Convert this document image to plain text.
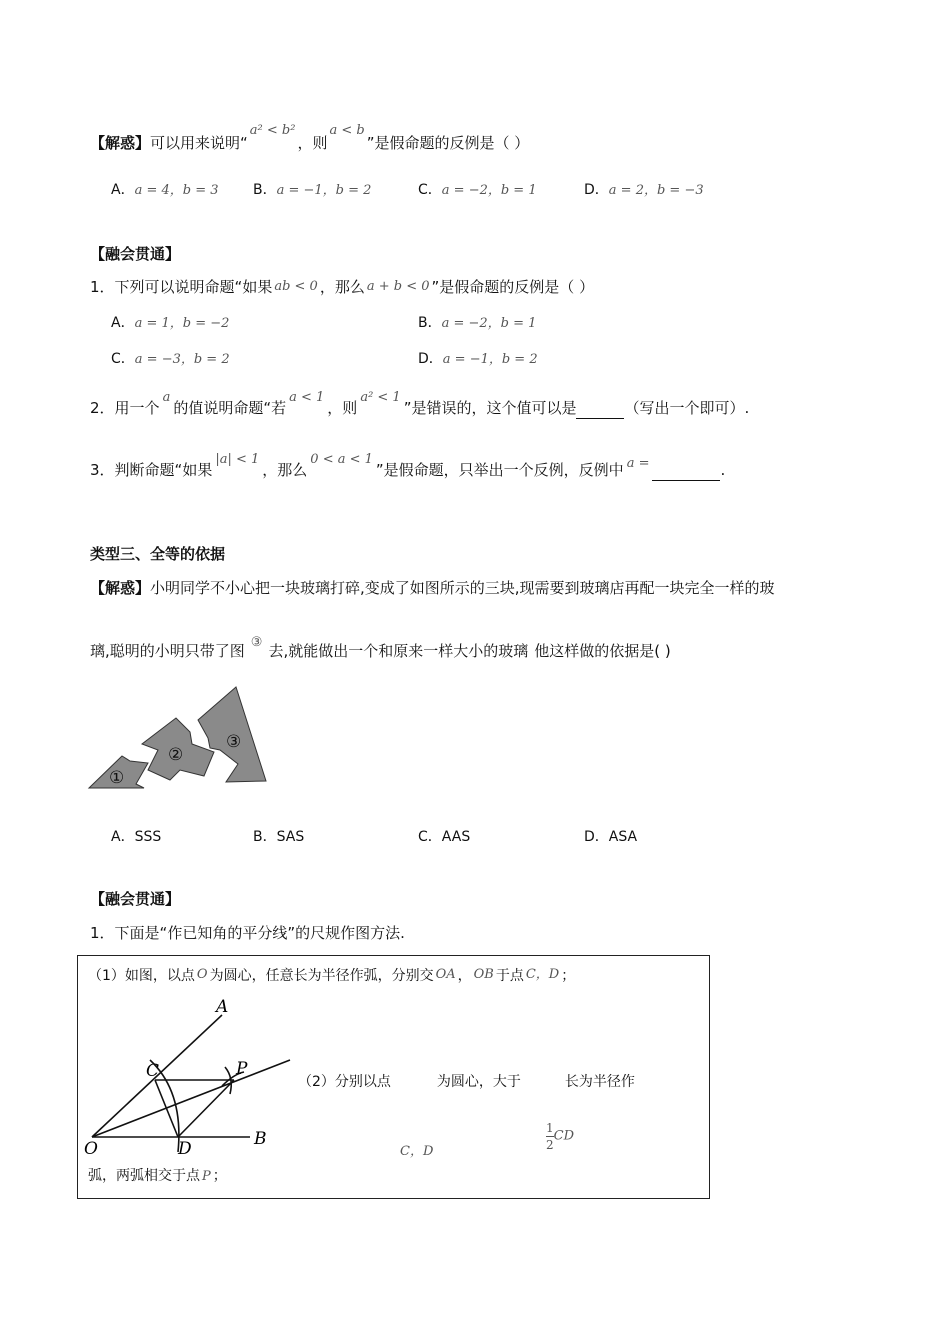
【解惑】可以用来说明“a² < b²，则a < b”是假命题的反例是（ ）
A．a = 4，b = 3 B．a = −1，b = 2	C．a = −2，b = 1	D．a = 2，b = −3
【融会贯通】
1．下列可以说明命题“如果 ab < 0 ，那么 a + b < 0 ”是假命题的反例是（ ）
A．a = 1，b = −2	B．a = −2，b = 1
C．a = −3，b = 2	D．a = −1，b = 2
2．用一个a的值说明命题“若a < 1，则a² < 1”是错误的，这个值可以是	（写出一个即可）.
3．判断命题“如果|a| < 1，那么0 < a < 1”是假命题，只举出一个反例，反例中 a =	.
类型三、全等的依据
【解惑】小明同学不小心把一块玻璃打碎,变成了如图所示的三块,现需要到玻璃店再配一块完全一样的玻
璃,聪明的小明只带了图 ③ 去,就能做出一个和原来一样大小的玻璃 他这样做的依据是( )
①
②
③
A．SSS	B．SAS	C．AAS	D．ASA
【融会贯通】
1．下面是“作已知角的平分线”的尺规作图方法.
（1）如图，以点 O 为圆心，任意长为半径作弧，分别交 OA ， OB 于点 C，D ；
A
C	P
O	D	B
（2）分别以点	为圆心，大于	长为半径作
C，D	$\frac{1}{2}$ CD
弧，两弧相交于点 P ；
